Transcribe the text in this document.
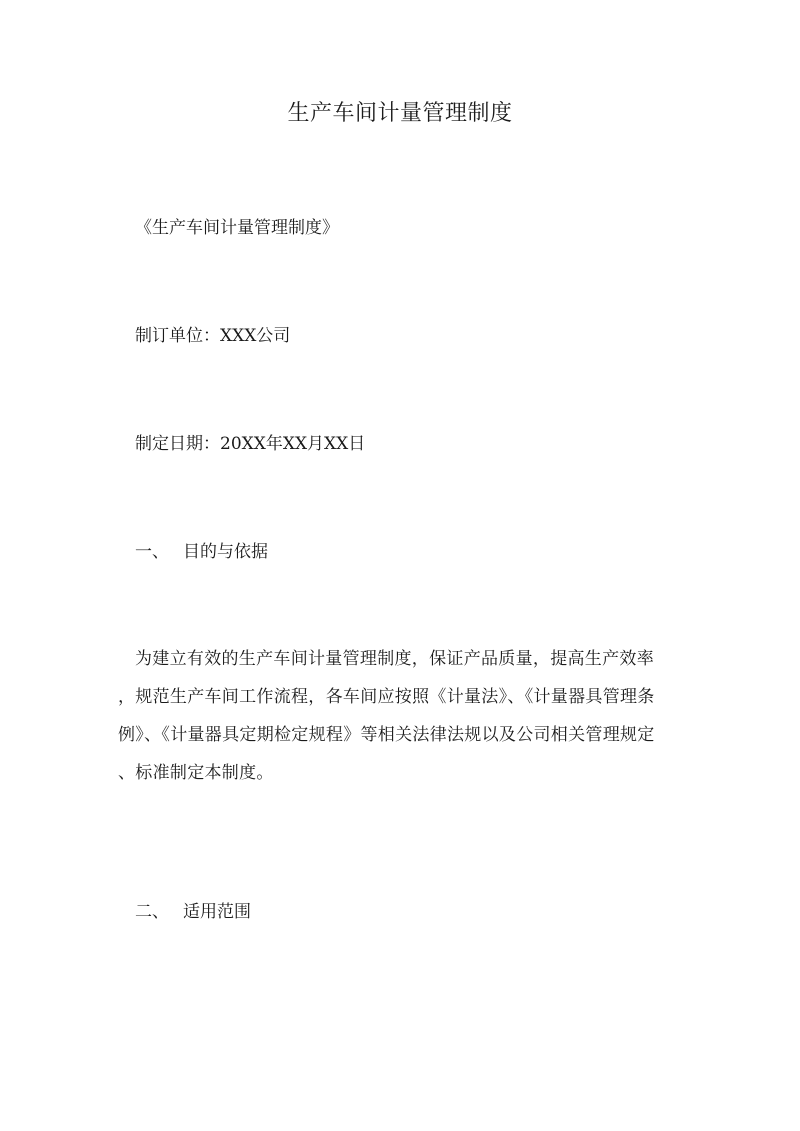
生产车间计量管理制度

《生产车间计量管理制度》

制订单位：XXX公司

制定日期：20XX年XX月XX日

一、 目的与依据

为建立有效的生产车间计量管理制度，保证产品质量，提高生产效率
，规范生产车间工作流程，各车间应按照《计量法》、《计量器具管理条
例》、《计量器具定期检定规程》等相关法律法规以及公司相关管理规定
、标准制定本制度。

二、 适用范围
